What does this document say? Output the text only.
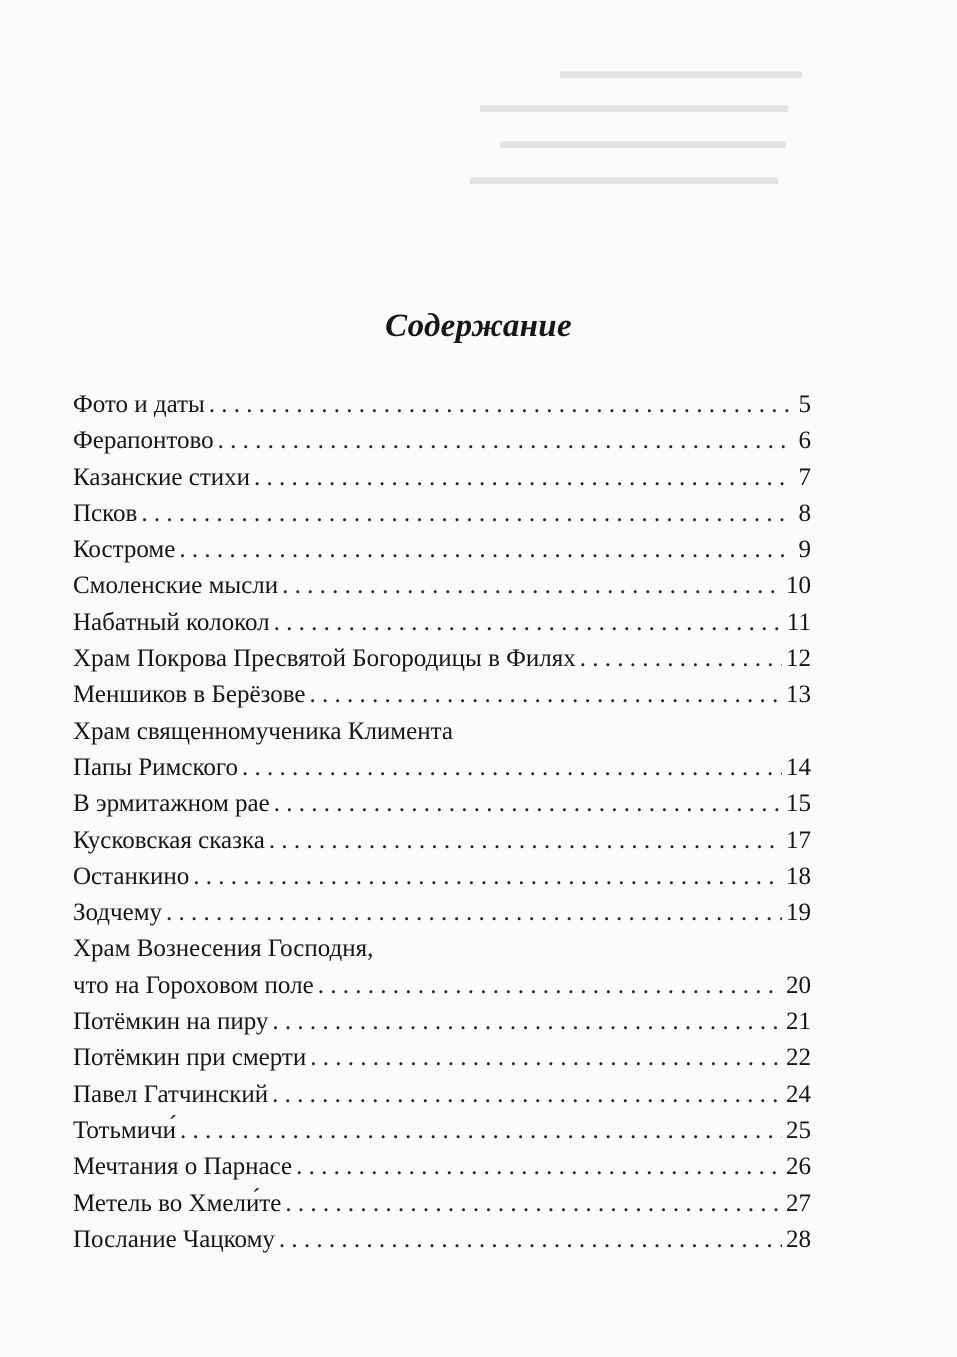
▬▬▬▬▬▬▬▬▬▬▬
▬▬▬▬▬▬▬▬▬▬▬▬▬▬
▬▬▬▬▬▬▬▬▬▬▬▬▬
▬▬▬▬▬▬▬▬▬▬▬▬▬▬
Содержание
Фото и даты . . .	5
Ферапонтово . . .	6
Казанские стихи . . .	7
Псков . . .	8
Костроме . . .	9
Смоленские мысли . . .	10
Набатный колокол . . .	11
Храм Покрова Пресвятой Богородицы в Филях . . .	12
Меншиков в Берёзове . . .	13
Храм священномученика Климента
Папы Римского . . .	14
В эрмитажном рае . . .	15
Кусковская сказка . . .	17
Останкино . . .	18
Зодчему . . .	19
Храм Вознесения Господня,
что на Гороховом поле . . .	20
Потёмкин на пиру . . .	21
Потёмкин при смерти . . .	22
Павел Гатчинский . . .	24
Тотьмичи́ . . .	25
Мечтания о Парнасе . . .	26
Метель во Хмели́те . . .	27
Послание Чацкому . . .	28
